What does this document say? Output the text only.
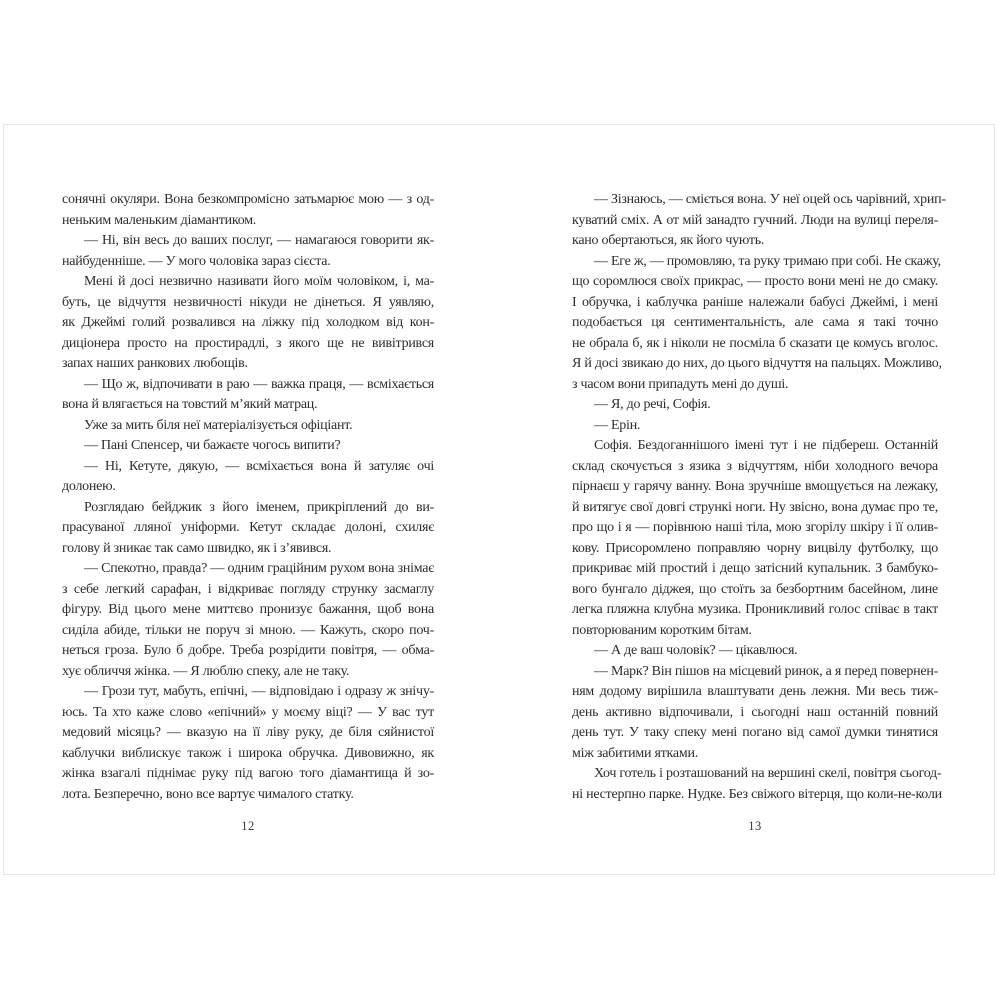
сонячні окуляри. Вона безкомпромісно затьмарює мою — з од-
неньким маленьким діамантиком.
— Ні, він весь до ваших послуг, — намагаюся говорити як-
найбуденніше. — У мого чоловіка зараз сієста.
Мені й досі незвично називати його моїм чоловіком, і, ма-
буть, це відчуття незвичності нікуди не дінеться. Я уявляю,
як Джеймі голий розвалився на ліжку під холодком від кон-
диціонера просто на простирадлі, з якого ще не вивітрився
запах наших ранкових любощів.
— Що ж, відпочивати в раю — важка праця, — всміхається
вона й влягається на товстий м’який матрац.
Уже за мить біля неї матеріалізується офіціант.
— Пані Спенсер, чи бажаєте чогось випити?
— Ні, Кетуте, дякую, — всміхається вона й затуляє очі
долонею.
Розглядаю бейджик з його іменем, прикріплений до ви-
прасуваної лляної уніформи. Кетут складає долоні, схиляє
голову й зникає так само швидко, як і з’явився.
— Спекотно, правда? — одним граційним рухом вона знімає
з себе легкий сарафан, і відкриває погляду струнку засмаглу
фігуру. Від цього мене миттєво пронизує бажання, щоб вона
сиділа абиде, тільки не поруч зі мною. — Кажуть, скоро поч-
неться гроза. Було б добре. Треба розрідити повітря, — обма-
хує обличчя жінка. — Я люблю спеку, але не таку.
— Грози тут, мабуть, епічні, — відповідаю і одразу ж знічу-
юсь. Та хто каже слово «епічний» у моєму віці? — У вас тут
медовий місяць? — вказую на її ліву руку, де біля сяйнистої
каблучки виблискує також і широка обручка. Дивовижно, як
жінка взагалі піднімає руку під вагою того діамантища й зо-
лота. Безперечно, воно все вартує чималого статку.
— Зізнаюсь, — сміється вона. У неї оцей ось чарівний, хрип-
куватий сміх. А от мій занадто гучний. Люди на вулиці переля-
кано обертаються, як його чують.
— Еге ж, — промовляю, та руку тримаю при собі. Не скажу,
що соромлюся своїх прикрас, — просто вони мені не до смаку.
І обручка, і каблучка раніше належали бабусі Джеймі, і мені
подобається ця сентиментальність, але сама я такі точно
не обрала б, як і ніколи не посміла б сказати це комусь вголос.
Я й досі звикаю до них, до цього відчуття на пальцях. Можливо,
з часом вони припадуть мені до душі.
— Я, до речі, Софія.
— Ерін.
Софія. Бездоганнішого імені тут і не підбереш. Останній
склад скочується з язика з відчуттям, ніби холодного вечора
пірнаєш у гарячу ванну. Вона зручніше вмощується на лежаку,
й витягує свої довгі стрункі ноги. Ну звісно, вона думає про те,
про що і я — порівнюю наші тіла, мою згорілу шкіру і її олив-
кову. Присоромлено поправляю чорну вицвілу футболку, що
прикриває мій простий і дещо затісний купальник. З бамбуко-
вого бунгало діджея, що стоїть за безбортним басейном, лине
легка пляжна клубна музика. Проникливий голос співає в такт
повторюваним коротким бітам.
— А де ваш чоловік? — цікавлюся.
— Марк? Він пішов на місцевий ринок, а я перед повернен-
ням додому вирішила влаштувати день лежня. Ми весь тиж-
день активно відпочивали, і сьогодні наш останній повний
день тут. У таку спеку мені погано від самої думки тинятися
між забитими ятками.
Хоч готель і розташований на вершині скелі, повітря сьогод-
ні нестерпно парке. Нудке. Без свіжого вітерця, що коли-не-коли
12	13
